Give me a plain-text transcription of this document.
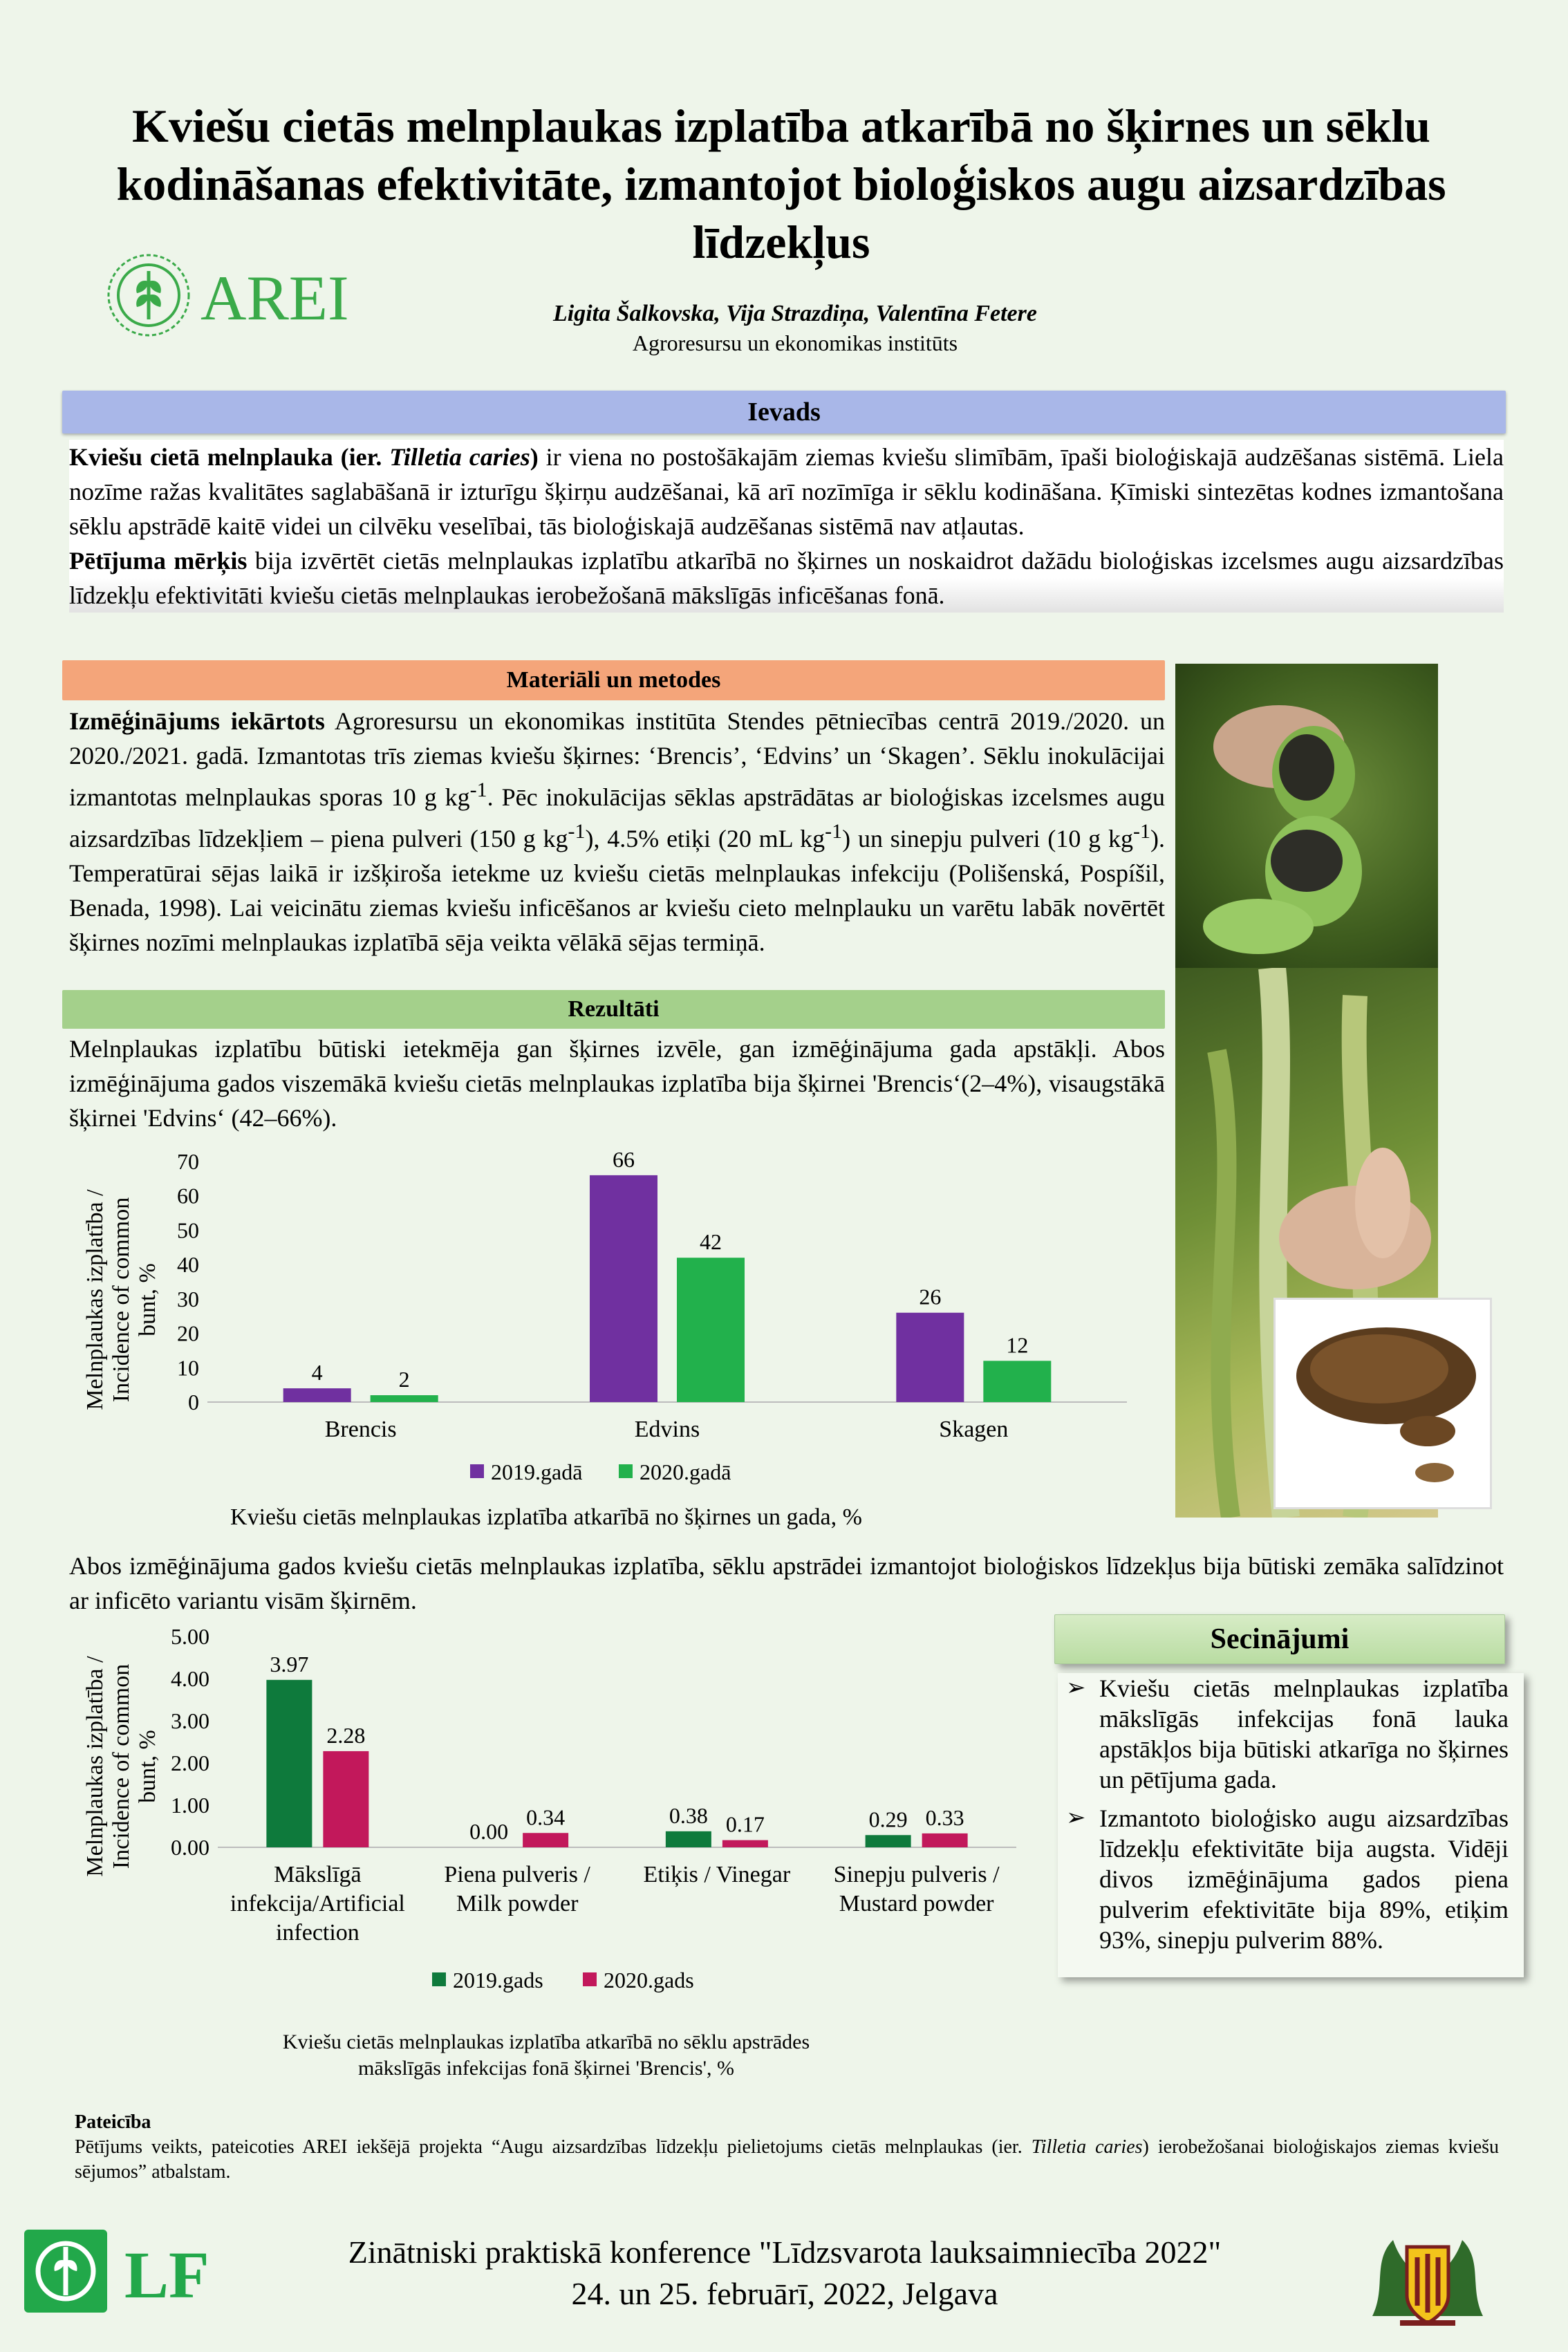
Kviešu cietās melnplaukas izplatība atkarībā no šķirnes un sēklu kodināšanas efektivitāte, izmantojot bioloģiskos augu aizsardzības līdzekļus
AREI	Ligita Šalkovska, Vija Strazdiņa, Valentīna Fetere
Agroresursu un ekonomikas institūts
Ievads

Kviešu cietā melnplauka (ier. Tilletia caries) ir viena no postošākajām ziemas kviešu slimībām, īpaši bioloģiskajā audzēšanas sistēmā. Liela nozīme ražas kvalitātes saglabāšanā ir izturīgu šķirņu audzēšanai, kā arī nozīmīga ir sēklu kodināšana. Ķīmiski sintezētas kodnes izmantošana sēklu apstrādē kaitē videi un cilvēku veselībai, tās bioloģiskajā audzēšanas sistēmā nav atļautas.

Pētījuma mērķis bija izvērtēt cietās melnplaukas izplatību atkarībā no šķirnes un noskaidrot dažādu bioloģiskas izcelsmes augu aizsardzības līdzekļu efektivitāti kviešu cietās melnplaukas ierobežošanā mākslīgās inficēšanas fonā.

Materiāli un metodes
Izmēģinājums iekārtots Agroresursu un ekonomikas institūta Stendes pētniecības centrā 2019./2020. un 2020./2021. gadā. Izmantotas trīs ziemas kviešu šķirnes: ‘Brencis’, ‘Edvins’ un ‘Skagen’. Sēklu inokulācijai izmantotas melnplaukas sporas 10 g $kg^{-1}$. Pēc inokulācijas sēklas apstrādātas ar bioloģiskas izcelsmes augu aizsardzības līdzekļiem – piena pulveri (150 g $kg^{-1}$), 4.5% etiķi (20 mL $kg^{-1}$) un sinepju pulveri (10 g $kg^{-1}$). Temperatūrai sējas laikā ir izšķiroša ietekme uz kviešu cietās melnplaukas infekciju (Polišenská, Pospíšil, Benada, 1998). Lai veicinātu ziemas kviešu inficēšanos ar kviešu cieto melnplauku un varētu labāk novērtēt šķirnes nozīmi melnplaukas izplatībā sēja veikta vēlākā sējas termiņā.
Rezultāti
Melnplaukas izplatību būtiski ietekmēja gan šķirnes izvēle, gan izmēģinājuma gada apstākļi. Abos izmēģinājuma gados viszemākā kviešu cietās melnplaukas izplatība bija šķirnei 'Brencis‘(2–4%), visaugstākā šķirnei 'Edvins‘ (42–66%).
Melnplaukas izplatība / Incidence of common bunt, %
0
10
20
30
40
50
60
70
4	2
66
42
26
12
Brencis	Edvins	Skagen
2019.gadā	2020.gadā
Kviešu cietās melnplaukas izplatība atkarībā no šķirnes un gada, %
Abos izmēģinājuma gados kviešu cietās melnplaukas izplatība, sēklu apstrādei izmantojot bioloģiskos līdzekļus bija būtiski zemāka salīdzinot ar inficēto variantu visām šķirnēm.
Melnplaukas izplatība / Incidence of common bunt, %
0.00
1.00
2.00
3.00
4.00
5.00
3.97
2.28
0.00
0.34	0.38 0.17	0.29 0.33
Mākslīgā
infekcija/Artificial
infection
Piena pulveris /
Milk powder
Etiķis / Vinegar Sinepju pulveris /
Mustard powder
2019.gads	2020.gads
Kviešu cietās melnplaukas izplatība atkarībā no sēklu apstrādes
mākslīgās infekcijas fonā šķirnei 'Brencis', %
Secinājumi
➢ Kviešu cietās melnplaukas izplatība mākslīgās infekcijas fonā lauka apstākļos bija būtiski atkarīga no šķirnes un pētījuma gada.
➢ Izmantoto bioloģisko augu aizsardzības līdzekļu efektivitāte bija augsta. Vidēji divos izmēģinājuma gados piena pulverim efektivitāte bija 89%, etiķim 93%, sinepju pulverim 88%.
Pateicība
Pētījums veikts, pateicoties AREI iekšējā projekta “Augu aizsardzības līdzekļu pielietojums cietās melnplaukas (ier. Tilletia caries) ierobežošanai bioloģiskajos ziemas kviešu sējumos” atbalstam.
LF	Zinātniski praktiskā konference "Līdzsvarota lauksaimniecība 2022"
24. un 25. februārī, 2022, Jelgava
